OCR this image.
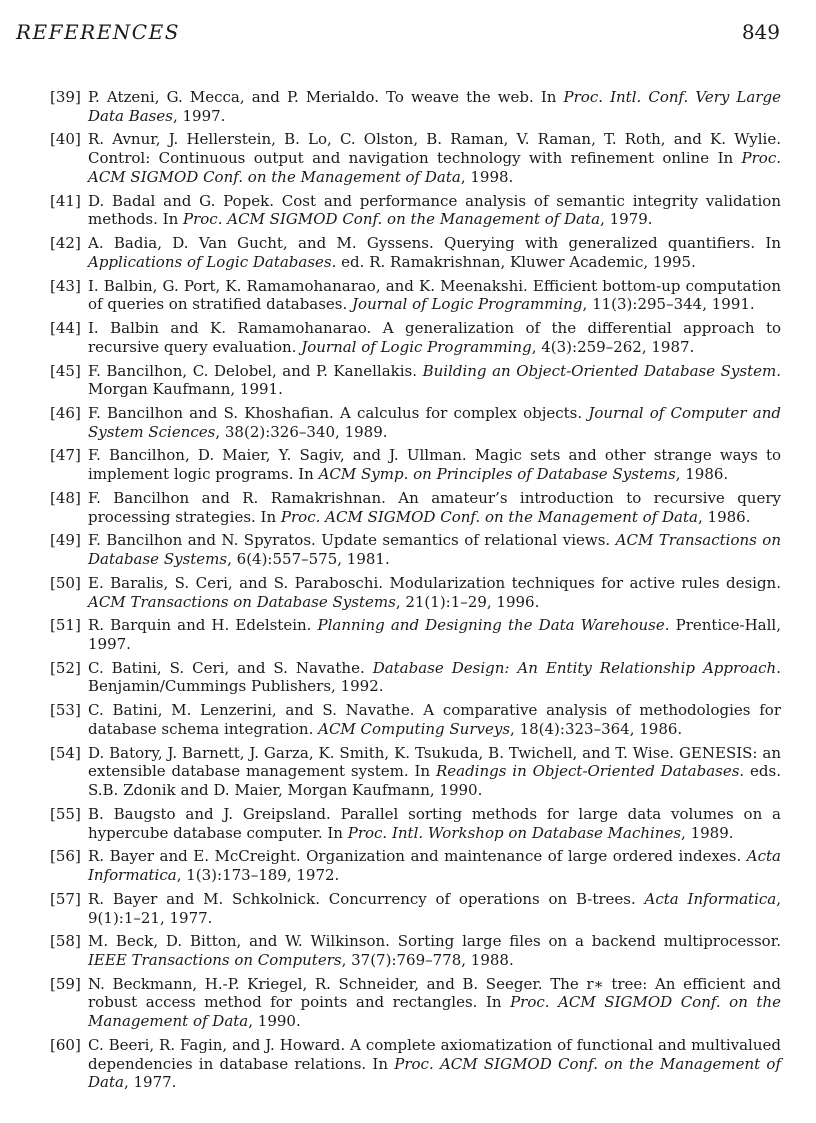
REFERENCES	849
[39] P. Atzeni, G. Mecca, and P. Merialdo. To weave the web. In Proc. Intl. Conf. Very Large Data Bases, 1997.
[40] R. Avnur, J. Hellerstein, B. Lo, C. Olston, B. Raman, V. Raman, T. Roth, and K. Wylie. Control: Continuous output and navigation technology with refinement online In Proc. ACM SIGMOD Conf. on the Management of Data, 1998.
[41] D. Badal and G. Popek. Cost and performance analysis of semantic integrity validation methods. In Proc. ACM SIGMOD Conf. on the Management of Data, 1979.
[42] A. Badia, D. Van Gucht, and M. Gyssens. Querying with generalized quantifiers. In Applications of Logic Databases. ed. R. Ramakrishnan, Kluwer Academic, 1995.
[43] I. Balbin, G. Port, K. Ramamohanarao, and K. Meenakshi. Efficient bottom-up computation of queries on stratified databases. Journal of Logic Programming, 11(3):295–344, 1991.
[44] I. Balbin and K. Ramamohanarao. A generalization of the differential approach to recursive query evaluation. Journal of Logic Programming, 4(3):259–262, 1987.
[45] F. Bancilhon, C. Delobel, and P. Kanellakis. Building an Object-Oriented Database System. Morgan Kaufmann, 1991.
[46] F. Bancilhon and S. Khoshafian. A calculus for complex objects. Journal of Computer and System Sciences, 38(2):326–340, 1989.
[47] F. Bancilhon, D. Maier, Y. Sagiv, and J. Ullman. Magic sets and other strange ways to implement logic programs. In ACM Symp. on Principles of Database Systems, 1986.
[48] F. Bancilhon and R. Ramakrishnan. An amateur’s introduction to recursive query processing strategies. In Proc. ACM SIGMOD Conf. on the Management of Data, 1986.
[49] F. Bancilhon and N. Spyratos. Update semantics of relational views. ACM Transactions on Database Systems, 6(4):557–575, 1981.
[50] E. Baralis, S. Ceri, and S. Paraboschi. Modularization techniques for active rules design. ACM Transactions on Database Systems, 21(1):1–29, 1996.
[51] R. Barquin and H. Edelstein. Planning and Designing the Data Warehouse. Prentice-Hall, 1997.
[52] C. Batini, S. Ceri, and S. Navathe. Database Design: An Entity Relationship Approach. Benjamin/Cummings Publishers, 1992.
[53] C. Batini, M. Lenzerini, and S. Navathe. A comparative analysis of methodologies for database schema integration. ACM Computing Surveys, 18(4):323–364, 1986.
[54] D. Batory, J. Barnett, J. Garza, K. Smith, K. Tsukuda, B. Twichell, and T. Wise. GENESIS: an extensible database management system. In Readings in Object-Oriented Databases. eds. S.B. Zdonik and D. Maier, Morgan Kaufmann, 1990.
[55] B. Baugsto and J. Greipsland. Parallel sorting methods for large data volumes on a hypercube database computer. In Proc. Intl. Workshop on Database Machines, 1989.
[56] R. Bayer and E. McCreight. Organization and maintenance of large ordered indexes. Acta Informatica, 1(3):173–189, 1972.
[57] R. Bayer and M. Schkolnick. Concurrency of operations on B-trees. Acta Informatica, 9(1):1–21, 1977.
[58] M. Beck, D. Bitton, and W. Wilkinson. Sorting large files on a backend multiprocessor. IEEE Transactions on Computers, 37(7):769–778, 1988.
[59] N. Beckmann, H.-P. Kriegel, R. Schneider, and B. Seeger. The r∗ tree: An efficient and robust access method for points and rectangles. In Proc. ACM SIGMOD Conf. on the Management of Data, 1990.
[60] C. Beeri, R. Fagin, and J. Howard. A complete axiomatization of functional and multivalued dependencies in database relations. In Proc. ACM SIGMOD Conf. on the Management of Data, 1977.
